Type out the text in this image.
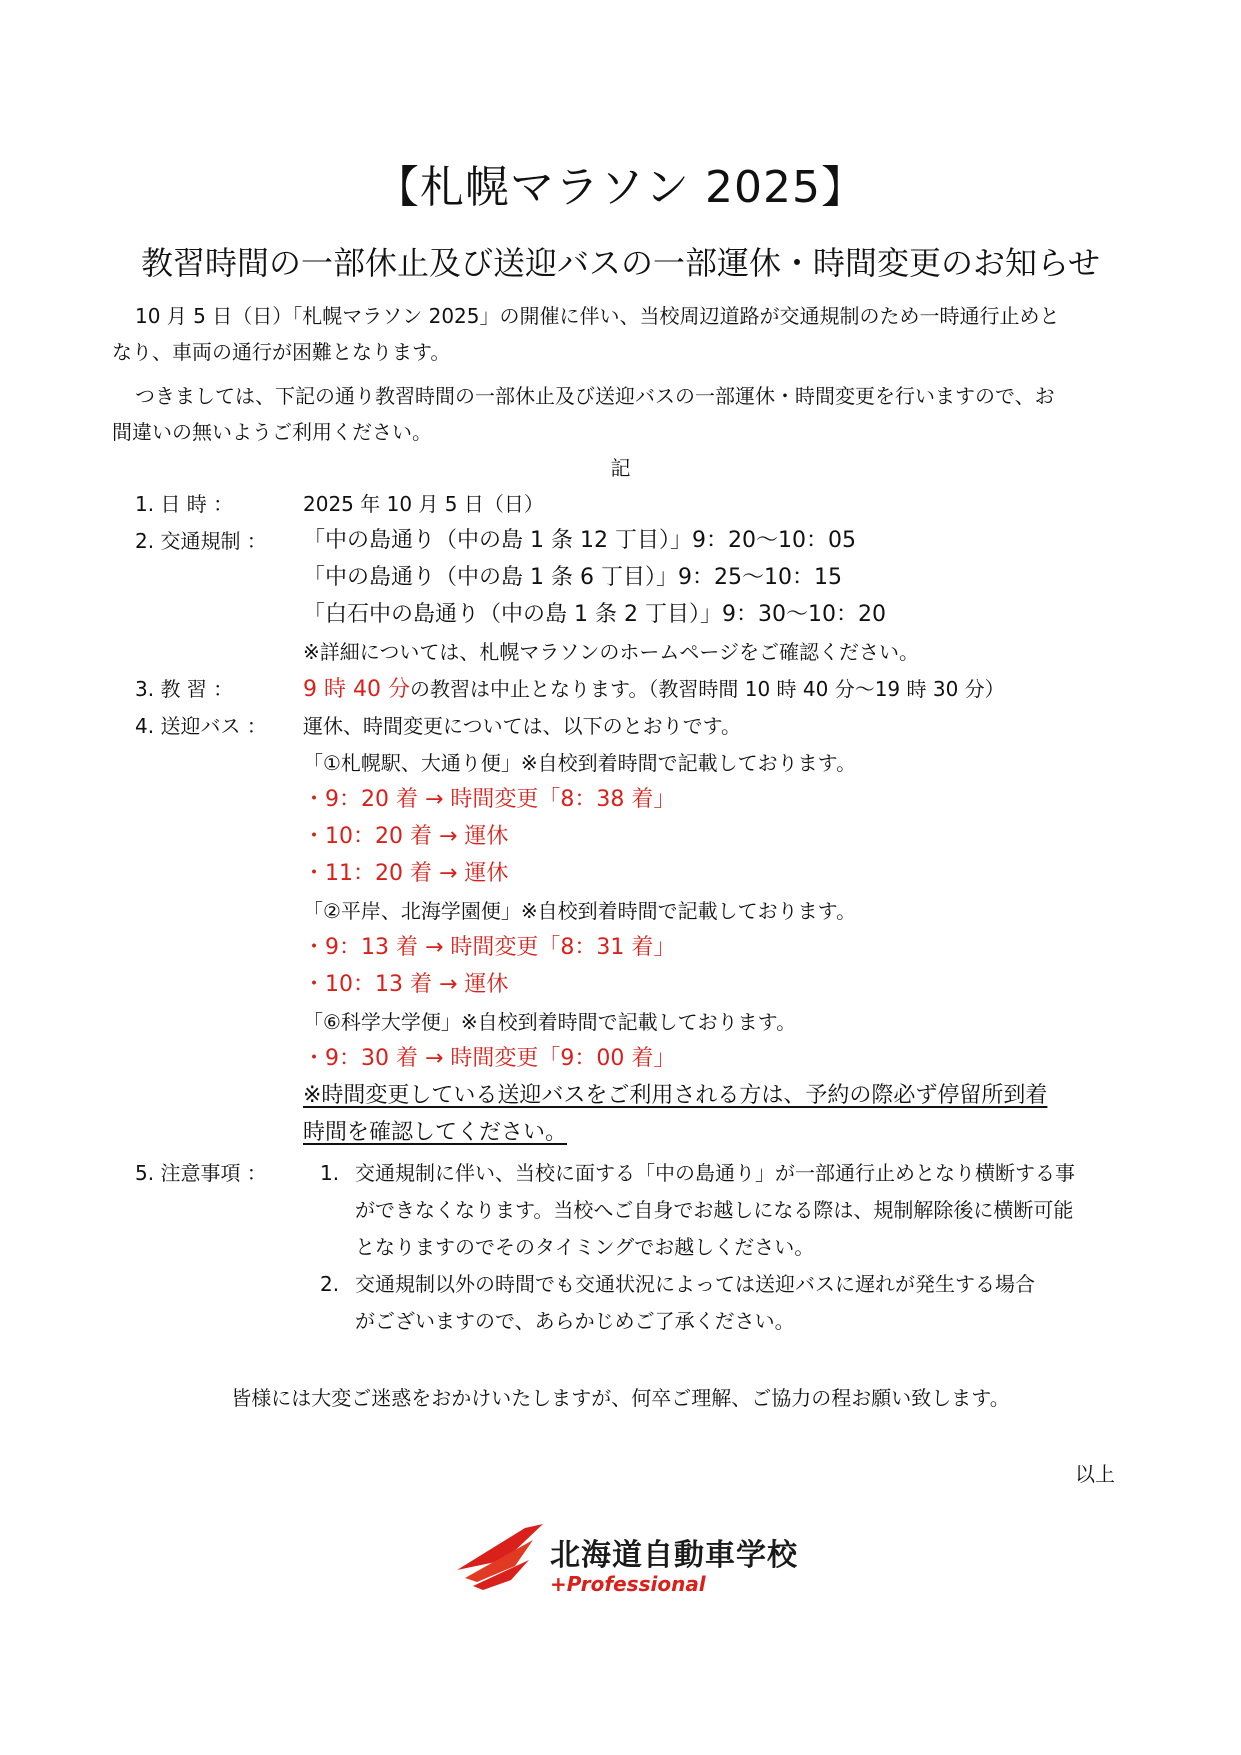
【札幌マラソン 2025】
教習時間の一部休止及び送迎バスの一部運休・時間変更のお知らせ
10 月 5 日（日）「札幌マラソン 2025」の開催に伴い、当校周辺道路が交通規制のため一時通行止めと
なり、車両の通行が困難となります。
つきましては、下記の通り教習時間の一部休止及び送迎バスの一部運休・時間変更を行いますので、お
間違いの無いようご利用ください。
記
1. 日 時 ：	2025 年 10 月 5 日（日）
2. 交通規制 ： 「中の島通り（中の島 1 条 12 丁目）」9：20～10：05
「中の島通り（中の島 1 条 6 丁目）」9：25～10：15
「白石中の島通り（中の島 1 条 2 丁目）」9：30～10：20
※詳細については、札幌マラソンのホームページをご確認ください。
3. 教 習 ：	9 時 40 分の教習は中止となります。（教習時間 10 時 40 分～19 時 30 分）
4. 送迎バス ： 運休、時間変更については、以下のとおりです。
「①札幌駅、大通り便」※自校到着時間で記載しております。
・9：20 着 → 時間変更「8：38 着」
・10：20 着 → 運休
・11：20 着 → 運休
「②平岸、北海学園便」※自校到着時間で記載しております。
・9：13 着 → 時間変更「8：31 着」
・10：13 着 → 運休
「⑥科学大学便」※自校到着時間で記載しております。
・9：30 着 → 時間変更「9：00 着」
※時間変更している送迎バスをご利用される方は、予約の際必ず停留所到着
時間を確認してください。
5. 注意事項 ：	1. 交通規制に伴い、当校に面する「中の島通り」が一部通行止めとなり横断する事
ができなくなります。当校へご自身でお越しになる際は、規制解除後に横断可能
となりますのでそのタイミングでお越しください。
2. 交通規制以外の時間でも交通状況によっては送迎バスに遅れが発生する場合
がございますので、あらかじめご了承ください。
皆様には大変ご迷惑をおかけいたしますが、何卒ご理解、ご協力の程お願い致します。
以上
北海道自動車学校
+Professional
